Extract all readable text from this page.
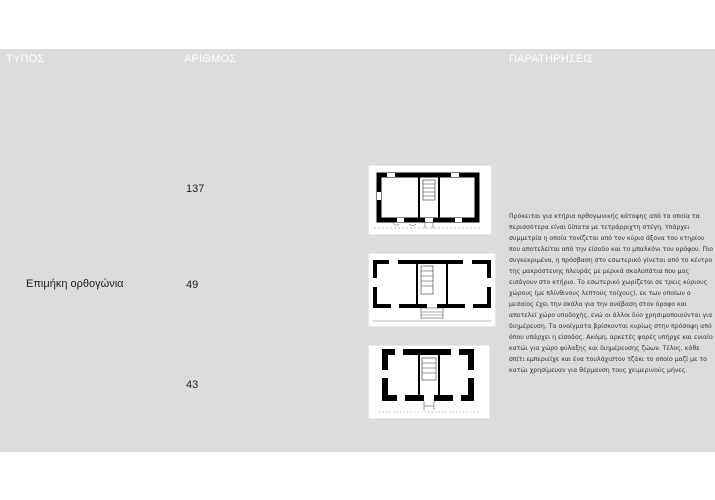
ΤΥΠΟΣ	ΑΡΙΘΜΟΣ	ΠΑΡΑΤΗΡΗΣΕΙΣ
Επιμήκη ορθογώνια
137
49
43
Πρόκειται για κτήρια ορθογωνικής κάτοψης από τα οποία τα περισσότερα είναι δίπατα με τετράρριχτη στέγη. Υπάρχει συμμετρία η οποία τονίζεται από τον κύριο άξονα του κτηρίου που αποτελείται από την είσοδο και το μπαλκόνι του ορόφου. Πιο συγκεκριμένα, η πρόσβαση στο εσωτερικό γίνεται από το κέντρο της μακρόστενης πλευράς με μερικά σκαλοπάτια που μας εισάγουν στο κτήριο. Το εσωτερικό χωρίζεται σε τρεις κύριους χώρους (με πλίνθινους λεπτούς τοίχους), εκ των οποίων ο μεσαίος έχει την σκάλα για την ανάβαση στον όροφο και αποτελεί χώρο υποδοχής, ενώ οι άλλοι δύο χρησιμοποιούνται για διημέρευση. Τα ανοίγματα βρίσκονται κυρίως στην πρόσοψη από όπου υπάρχει η είσοδος. Ακόμη, αρκετές φορές υπήρχε και ενιαίο κατώι για χώρο φύλαξης και διημέρευσης ζώων. Τέλος, κάθε σπίτι εμπεριείχε και ένα τουλάχιστον τζάκι το οποίο μαζί με το κατώι χρησίμευαν για θέρμανση τους χειμερινούς μήνες.
